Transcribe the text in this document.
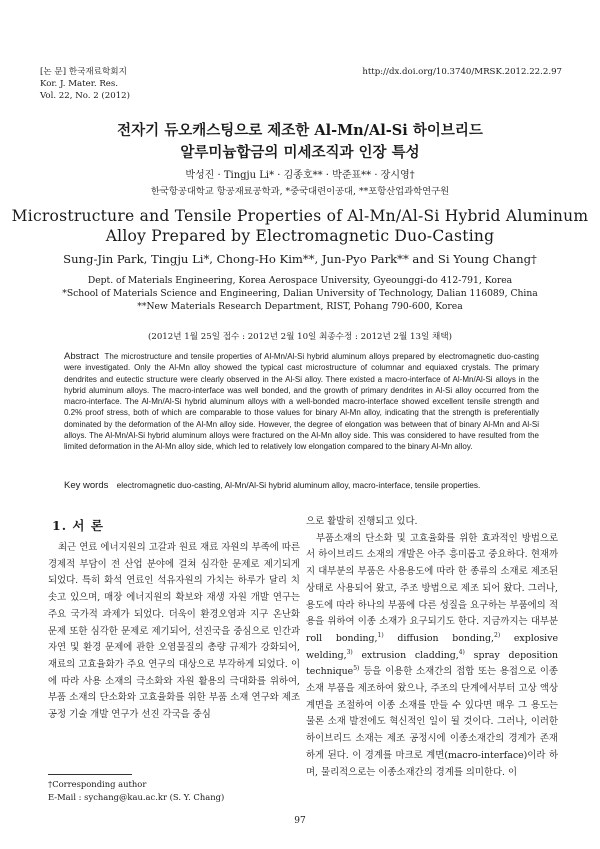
[논 문] 한국재료학회지
Kor. J. Mater. Res.
Vol. 22, No. 2 (2012)
http://dx.doi.org/10.3740/MRSK.2012.22.2.97
전자기 듀오캐스팅으로 제조한 Al-Mn/Al-Si 하이브리드
알루미늄합금의 미세조직과 인장 특성
박성진 · Tingju Li* · 김종호** · 박준표** · 장시영†
한국항공대학교 항공재료공학과, *중국대련이공대, **포항산업과학연구원
Microstructure and Tensile Properties of Al-Mn/Al-Si Hybrid Aluminum
Alloy Prepared by Electromagnetic Duo-Casting
Sung-Jin Park, Tingju Li*, Chong-Ho Kim**, Jun-Pyo Park** and Si Young Chang†
Dept. of Materials Engineering, Korea Aerospace University, Gyeounggi-do 412-791, Korea
*School of Materials Science and Engineering, Dalian University of Technology, Dalian 116089, China
**New Materials Research Department, RIST, Pohang 790-600, Korea
(2012년 1월 25일 접수 : 2012년 2월 10일 최종수정 : 2012년 2월 13일 채택)
Abstract The microstructure and tensile properties of Al-Mn/Al-Si hybrid aluminum alloys prepared by electromagnetic duo-casting were investigated. Only the Al-Mn alloy showed the typical cast microstructure of columnar and equiaxed crystals. The primary dendrites and eutectic structure were clearly observed in the Al-Si alloy. There existed a macro-interface of Al-Mn/Al-Si alloys in the hybrid aluminum alloys. The macro-interface was well bonded, and the growth of primary dendrites in Al-Si alloy occurred from the macro-interface. The Al-Mn/Al-Si hybrid aluminum alloys with a well-bonded macro-interface showed excellent tensile strength and 0.2% proof stress, both of which are comparable to those values for binary Al-Mn alloy, indicating that the strength is preferentially dominated by the deformation of the Al-Mn alloy side. However, the degree of elongation was between that of binary Al-Mn and Al-Si alloys. The Al-Mn/Al-Si hybrid aluminum alloys were fractured on the Al-Mn alloy side. This was considered to have resulted from the limited deformation in the Al-Mn alloy side, which led to relatively low elongation compared to the binary Al-Mn alloy.
Key words electromagnetic duo-casting, Al-Mn/Al-Si hybrid aluminum alloy, macro-interface, tensile properties.
1. 서 론

최근 연료 에너지원의 고갈과 원료 재료 자원의 부족에 따른 경제적 부담이 전 산업 분야에 걸쳐 심각한 문제로 제기되게 되었다. 특히 화석 연료인 석유자원의 가치는 하루가 달리 치솟고 있으며, 매장 에너지원의 확보와 재생 자원 개발 연구는 주요 국가적 과제가 되었다. 더욱이 환경오염과 지구 온난화 문제 또한 심각한 문제로 제기되어, 선진국을 중심으로 인간과 자연 및 환경 문제에 관한 오염물질의 총량 규제가 강화되어, 재료의 고효율화가 주요 연구의 대상으로 부각하게 되었다. 이에 따라 사용 소재의 극소화와 자원 활용의 극대화를 위하여, 부품 소재의 단소화와 고효율화를 위한 부품 소재 연구와 제조 공정 기술 개발 연구가 선진 각국을 중심

으로 활발히 진행되고 있다.

부품소재의 단소화 및 고효율화를 위한 효과적인 방법으로서 하이브리드 소재의 개발은 아주 흥미롭고 중요하다. 현재까지 대부분의 부품은 사용용도에 따라 한 종류의 소재로 제조된 상태로 사용되어 왔고, 주조 방법으로 제조 되어 왔다. 그러나, 용도에 따라 하나의 부품에 다른 성질을 요구하는 부품에의 적용을 위하여 이종 소재가 요구되기도 한다. 지금까지는 대부분 roll bonding,$^{1)}$ diffusion bonding,$^{2)}$ explosive welding,$^{3)}$ extrusion cladding,$^{4)}$ spray deposition technique$^{5)}$ 등을 이용한 소재간의 접합 또는 용접으로 이종 소재 부품을 제조하여 왔으나, 주조의 단계에서부터 고상 액상 계면을 조절하여 이종 소재를 만들 수 있다면 매우 그 용도는 물론 소재 발전에도 혁신적인 일이 될 것이다. 그러나, 이러한 하이브리드 소재는 제조 공정시에 이종소재간의 경계가 존재하게 된다. 이 경계를 마크로 계면(macro-interface)이라 하며, 물리적으로는 이종소재간의 경계를 의미한다. 이

†Corresponding author
E-Mail : sychang@kau.ac.kr (S. Y. Chang)
97
